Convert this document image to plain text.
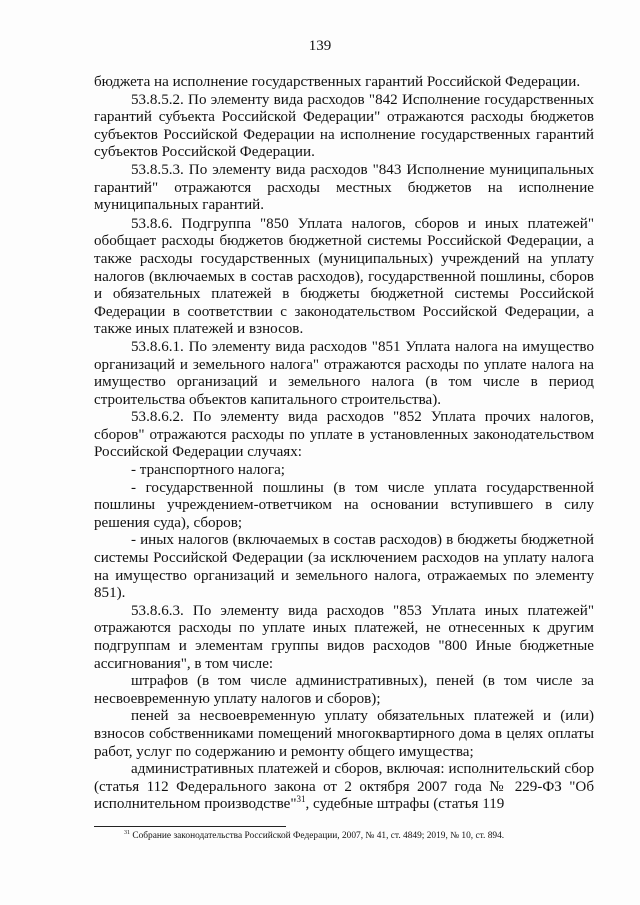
139

бюджета на исполнение государственных гарантий Российской Федерации.

53.8.5.2. По элементу вида расходов "842 Исполнение государственных гарантий субъекта Российской Федерации" отражаются расходы бюджетов субъектов Российской Федерации на исполнение государственных гарантий субъектов Российской Федерации.

53.8.5.3. По элементу вида расходов "843 Исполнение муниципальных гарантий" отражаются расходы местных бюджетов на исполнение муниципальных гарантий.

53.8.6. Подгруппа "850 Уплата налогов, сборов и иных платежей" обобщает расходы бюджетов бюджетной системы Российской Федерации, а также расходы государственных (муниципальных) учреждений на уплату налогов (включаемых в состав расходов), государственной пошлины, сборов и обязательных платежей в бюджеты бюджетной системы Российской Федерации в соответствии с законодательством Российской Федерации, а также иных платежей и взносов.

53.8.6.1. По элементу вида расходов "851 Уплата налога на имущество организаций и земельного налога" отражаются расходы по уплате налога на имущество организаций и земельного налога (в том числе в период строительства объектов капитального строительства).

53.8.6.2. По элементу вида расходов "852 Уплата прочих налогов, сборов" отражаются расходы по уплате в установленных законодательством Российской Федерации случаях:

- транспортного налога;

- государственной пошлины (в том числе уплата государственной пошлины учреждением-ответчиком на основании вступившего в силу решения суда), сборов;

- иных налогов (включаемых в состав расходов) в бюджеты бюджетной системы Российской Федерации (за исключением расходов на уплату налога на имущество организаций и земельного налога, отражаемых по элементу 851).

53.8.6.3. По элементу вида расходов "853 Уплата иных платежей" отражаются расходы по уплате иных платежей, не отнесенных к другим подгруппам и элементам группы видов расходов "800 Иные бюджетные ассигнования", в том числе:

штрафов (в том числе административных), пеней (в том числе за несвоевременную уплату налогов и сборов);

пеней за несвоевременную уплату обязательных платежей и (или) взносов собственниками помещений многоквартирного дома в целях оплаты работ, услуг по содержанию и ремонту общего имущества;

административных платежей и сборов, включая: исполнительский сбор (статья 112 Федерального закона от 2 октября 2007 года № 229-ФЗ "Об исполнительном производстве"$^{31}$, судебные штрафы (статья 119

$^{31}$ Собрание законодательства Российской Федерации, 2007, № 41, ст. 4849; 2019, № 10, ст. 894.
